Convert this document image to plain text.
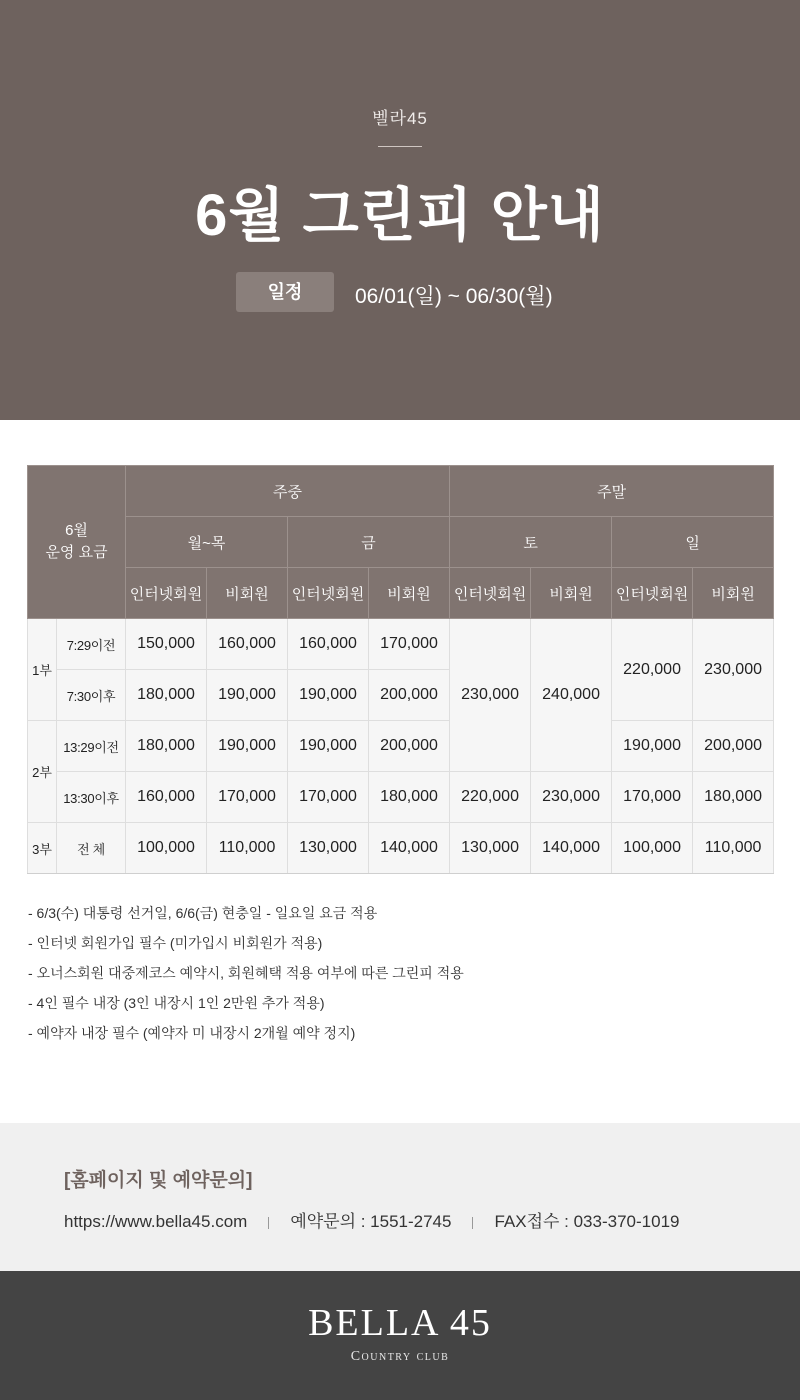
벨라45
6월 그린피 안내
일정	06/01(일) ~ 06/30(월)
6월
운영 요금		주중				주말			
		월~목		금		토		일	
		인터넷회원	비회원	인터넷회원	비회원	인터넷회원	비회원	인터넷회원	비회원
1부	7:29이전	150,000	160,000	160,000	170,000	230,000	240,000	220,000	230,000
	7:30이후	180,000	190,000	190,000	200,000				
2부	13:29이전	180,000	190,000	190,000	200,000			190,000	200,000
	13:30이후	160,000	170,000	170,000	180,000	220,000	230,000	170,000	180,000
3부	전 체	100,000	110,000	130,000	140,000	130,000	140,000	100,000	110,000
- 6/3(수) 대통령 선거일, 6/6(금) 현충일 - 일요일 요금 적용
- 인터넷 회원가입 필수 (미가입시 비회원가 적용)
- 오너스회원 대중제코스 예약시, 회원혜택 적용 여부에 따른 그린피 적용
- 4인 필수 내장 (3인 내장시 1인 2만원 추가 적용)
- 예약자 내장 필수 (예약자 미 내장시 2개월 예약 정지)
[홈페이지 및 예약문의]
https://www.bella45.com	예약문의 : 1551-2745	FAX접수 : 033-370-1019
BELLA 45
Country club
